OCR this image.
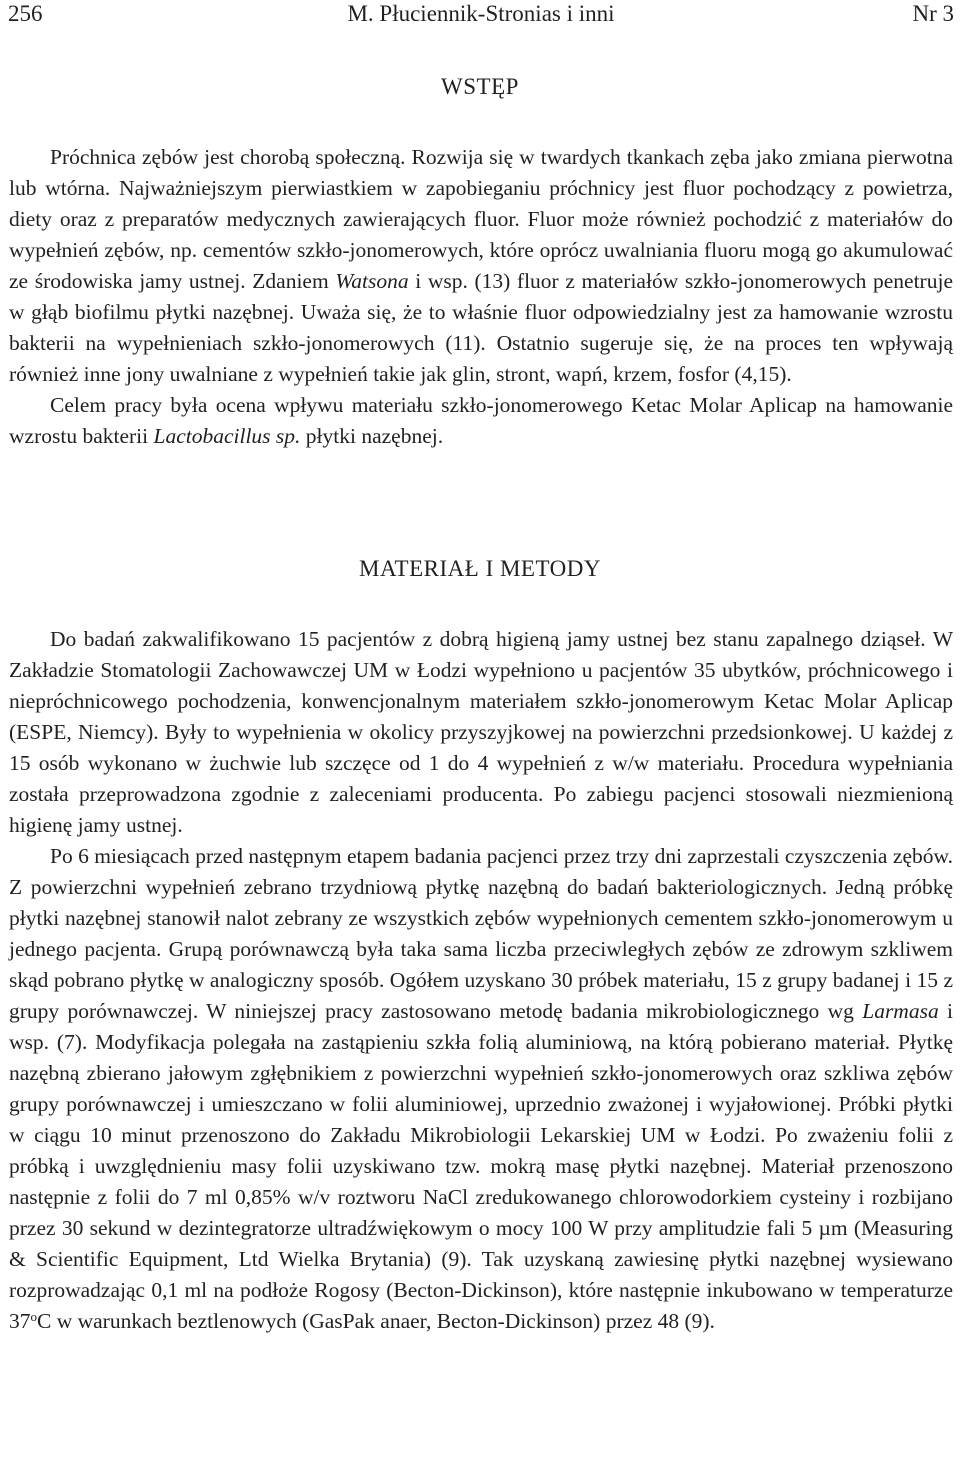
256	M. Płuciennik-Stronias i inni	Nr 3
WSTĘP

Próchnica zębów jest chorobą społeczną. Rozwija się w twardych tkankach zęba jako zmiana pierwotna lub wtórna. Najważniejszym pierwiastkiem w zapobieganiu próchnicy jest fluor pochodzący z powietrza, diety oraz z preparatów medycznych zawierających fluor. Fluor może również pochodzić z materiałów do wypełnień zębów, np. cementów szkło-jonomerowych, które oprócz uwalniania fluoru mogą go akumulować ze środowiska jamy ustnej. Zdaniem Watsona i wsp. (13) fluor z materiałów szkło-jonomerowych penetruje w głąb biofilmu płytki nazębnej. Uważa się, że to właśnie fluor odpowiedzialny jest za hamowanie wzrostu bakterii na wypełnieniach szkło-jonomerowych (11). Ostatnio sugeruje się, że na proces ten wpływają również inne jony uwalniane z wypełnień takie jak glin, stront, wapń, krzem, fosfor (4,15).

Celem pracy była ocena wpływu materiału szkło-jonomerowego Ketac Molar Aplicap na hamowanie wzrostu bakterii Lactobacillus sp. płytki nazębnej.

MATERIAŁ I METODY

Do badań zakwalifikowano 15 pacjentów z dobrą higieną jamy ustnej bez stanu zapalnego dziąseł. W Zakładzie Stomatologii Zachowawczej UM w Łodzi wypełniono u pacjentów 35 ubytków, próchnicowego i niepróchnicowego pochodzenia, konwencjonalnym materiałem szkło-jonomerowym Ketac Molar Aplicap (ESPE, Niemcy). Były to wypełnienia w okolicy przyszyjkowej na powierzchni przedsionkowej. U każdej z 15 osób wykonano w żuchwie lub szczęce od 1 do 4 wypełnień z w/w materiału. Procedura wypełniania została przeprowadzona zgodnie z zaleceniami producenta. Po zabiegu pacjenci stosowali niezmienioną higienę jamy ustnej.

Po 6 miesiącach przed następnym etapem badania pacjenci przez trzy dni zaprzestali czyszczenia zębów. Z powierzchni wypełnień zebrano trzydniową płytkę nazębną do badań bakteriologicznych. Jedną próbkę płytki nazębnej stanowił nalot zebrany ze wszystkich zębów wypełnionych cementem szkło-jonomerowym u jednego pacjenta. Grupą porównawczą była taka sama liczba przeciwległych zębów ze zdrowym szkliwem skąd pobrano płytkę w analogiczny sposób. Ogółem uzyskano 30 próbek materiału, 15 z grupy badanej i 15 z grupy porównawczej. W niniejszej pracy zastosowano metodę badania mikrobiologicznego wg Larmasa i wsp. (7). Modyfikacja polegała na zastąpieniu szkła folią aluminiową, na którą pobierano materiał. Płytkę nazębną zbierano jałowym zgłębnikiem z powierzchni wypełnień szkło-jonomerowych oraz szkliwa zębów grupy porównawczej i umieszczano w folii aluminiowej, uprzednio zważonej i wyjałowionej. Próbki płytki w ciągu 10 minut przenoszono do Zakładu Mikrobiologii Lekarskiej UM w Łodzi. Po zważeniu folii z próbką i uwzględnieniu masy folii uzyskiwano tzw. mokrą masę płytki nazębnej. Materiał przenoszono następnie z folii do 7 ml 0,85% w/v roztworu NaCl zredukowanego chlorowodorkiem cysteiny i rozbijano przez 30 sekund w dezintegratorze ultradźwiękowym o mocy 100 W przy amplitudzie fali 5 µm (Measuring & Scientific Equipment, Ltd Wielka Brytania) (9). Tak uzyskaną zawiesinę płytki nazębnej wysiewano rozprowadzając 0,1 ml na podłoże Rogosy (Becton-Dickinson), które następnie inkubowano w temperaturze 37$^o$C w warunkach beztlenowych (GasPak anaer, Becton-Dickinson) przez 48 (9).
